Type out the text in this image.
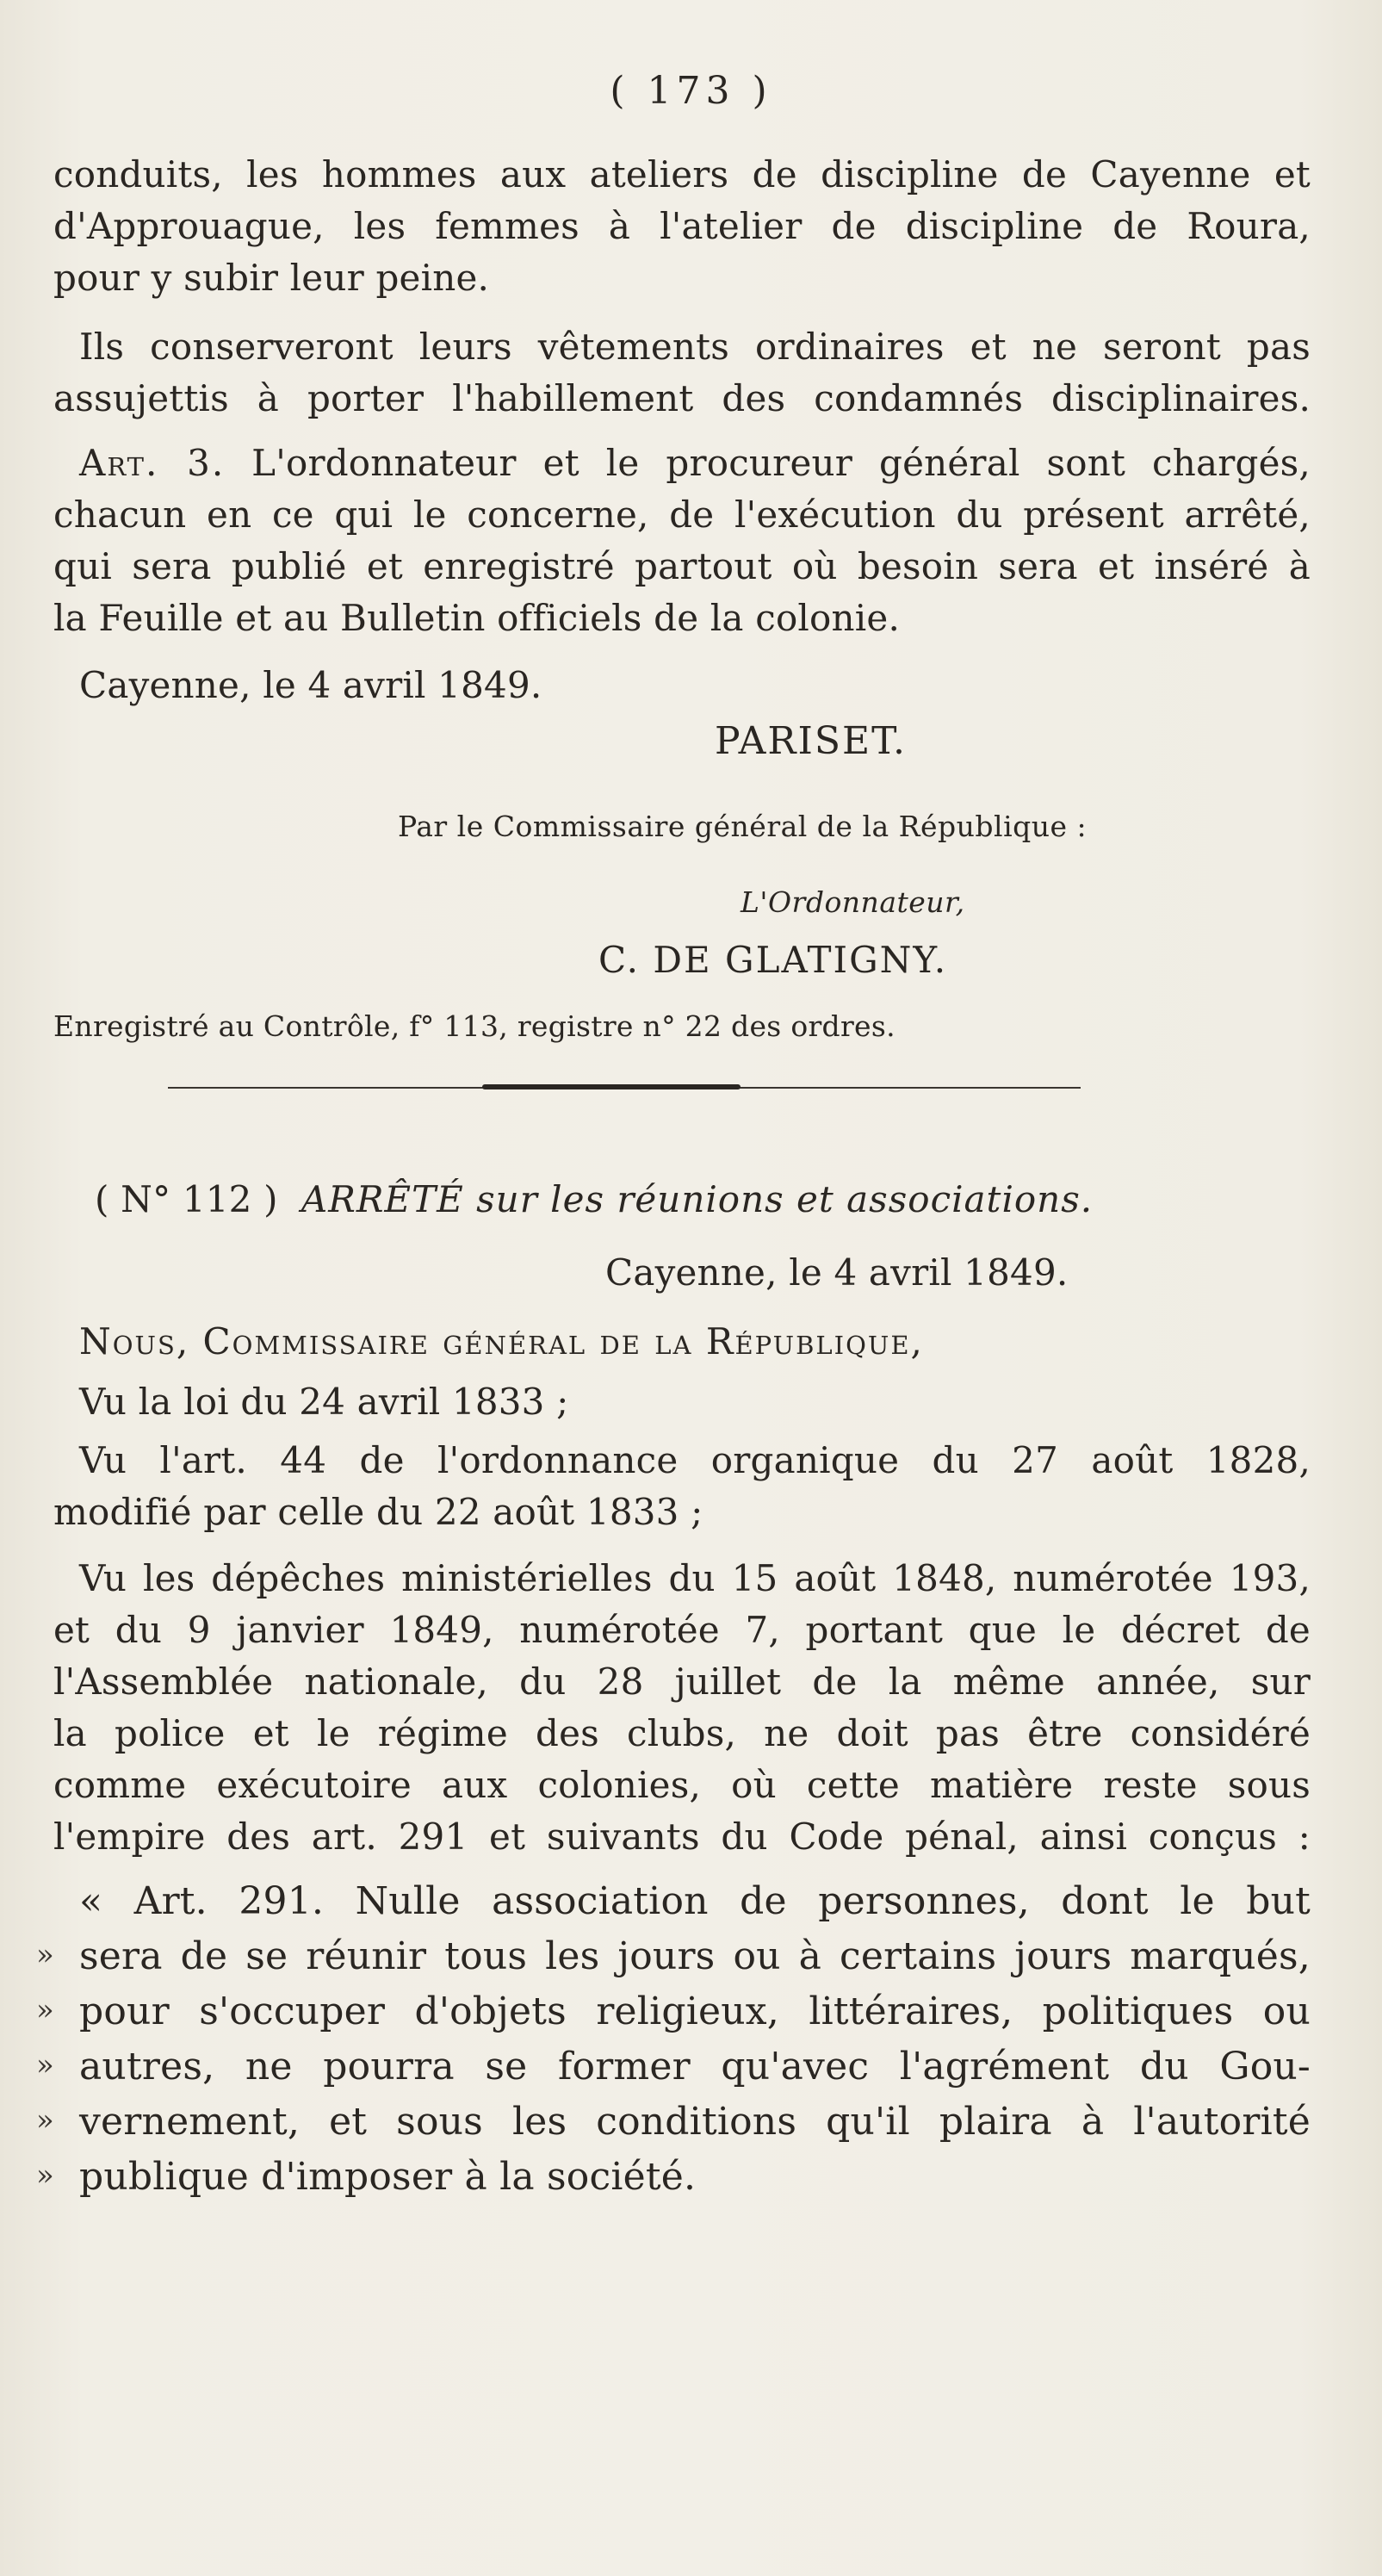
( 173 )
conduits, les hommes aux ateliers de discipline de Cayenne et
d'Approuague, les femmes à l'atelier de discipline de Roura,
pour y subir leur peine.
Ils conserveront leurs vêtements ordinaires et ne seront pas
assujettis à porter l'habillement des condamnés disciplinaires.
Art. 3. L'ordonnateur et le procureur général sont chargés,
chacun en ce qui le concerne, de l'exécution du présent arrêté,
qui sera publié et enregistré partout où besoin sera et inséré à
la Feuille et au Bulletin officiels de la colonie.
Cayenne, le 4 avril 1849.
PARISET.
Par le Commissaire général de la République :
L'Ordonnateur,
C. DE GLATIGNY.
Enregistré au Contrôle, f° 113, registre n° 22 des ordres.
( N° 112 ) ARRÊTÉ sur les réunions et associations.
Cayenne, le 4 avril 1849.
Nous, Commissaire général de la République,
Vu la loi du 24 avril 1833 ;
Vu l'art. 44 de l'ordonnance organique du 27 août 1828,
modifié par celle du 22 août 1833 ;
Vu les dépêches ministérielles du 15 août 1848, numérotée 193,
et du 9 janvier 1849, numérotée 7, portant que le décret de
l'Assemblée nationale, du 28 juillet de la même année, sur
la police et le régime des clubs, ne doit pas être considéré
comme exécutoire aux colonies, où cette matière reste sous
l'empire des art. 291 et suivants du Code pénal, ainsi conçus :
« Art. 291. Nulle association de personnes, dont le but
sera de se réunir tous les jours ou à certains jours marqués,
pour s'occuper d'objets religieux, littéraires, politiques ou
autres, ne pourra se former qu'avec l'agrément du Gou-
vernement, et sous les conditions qu'il plaira à l'autorité
publique d'imposer à la société.
»
»
»
»
»
